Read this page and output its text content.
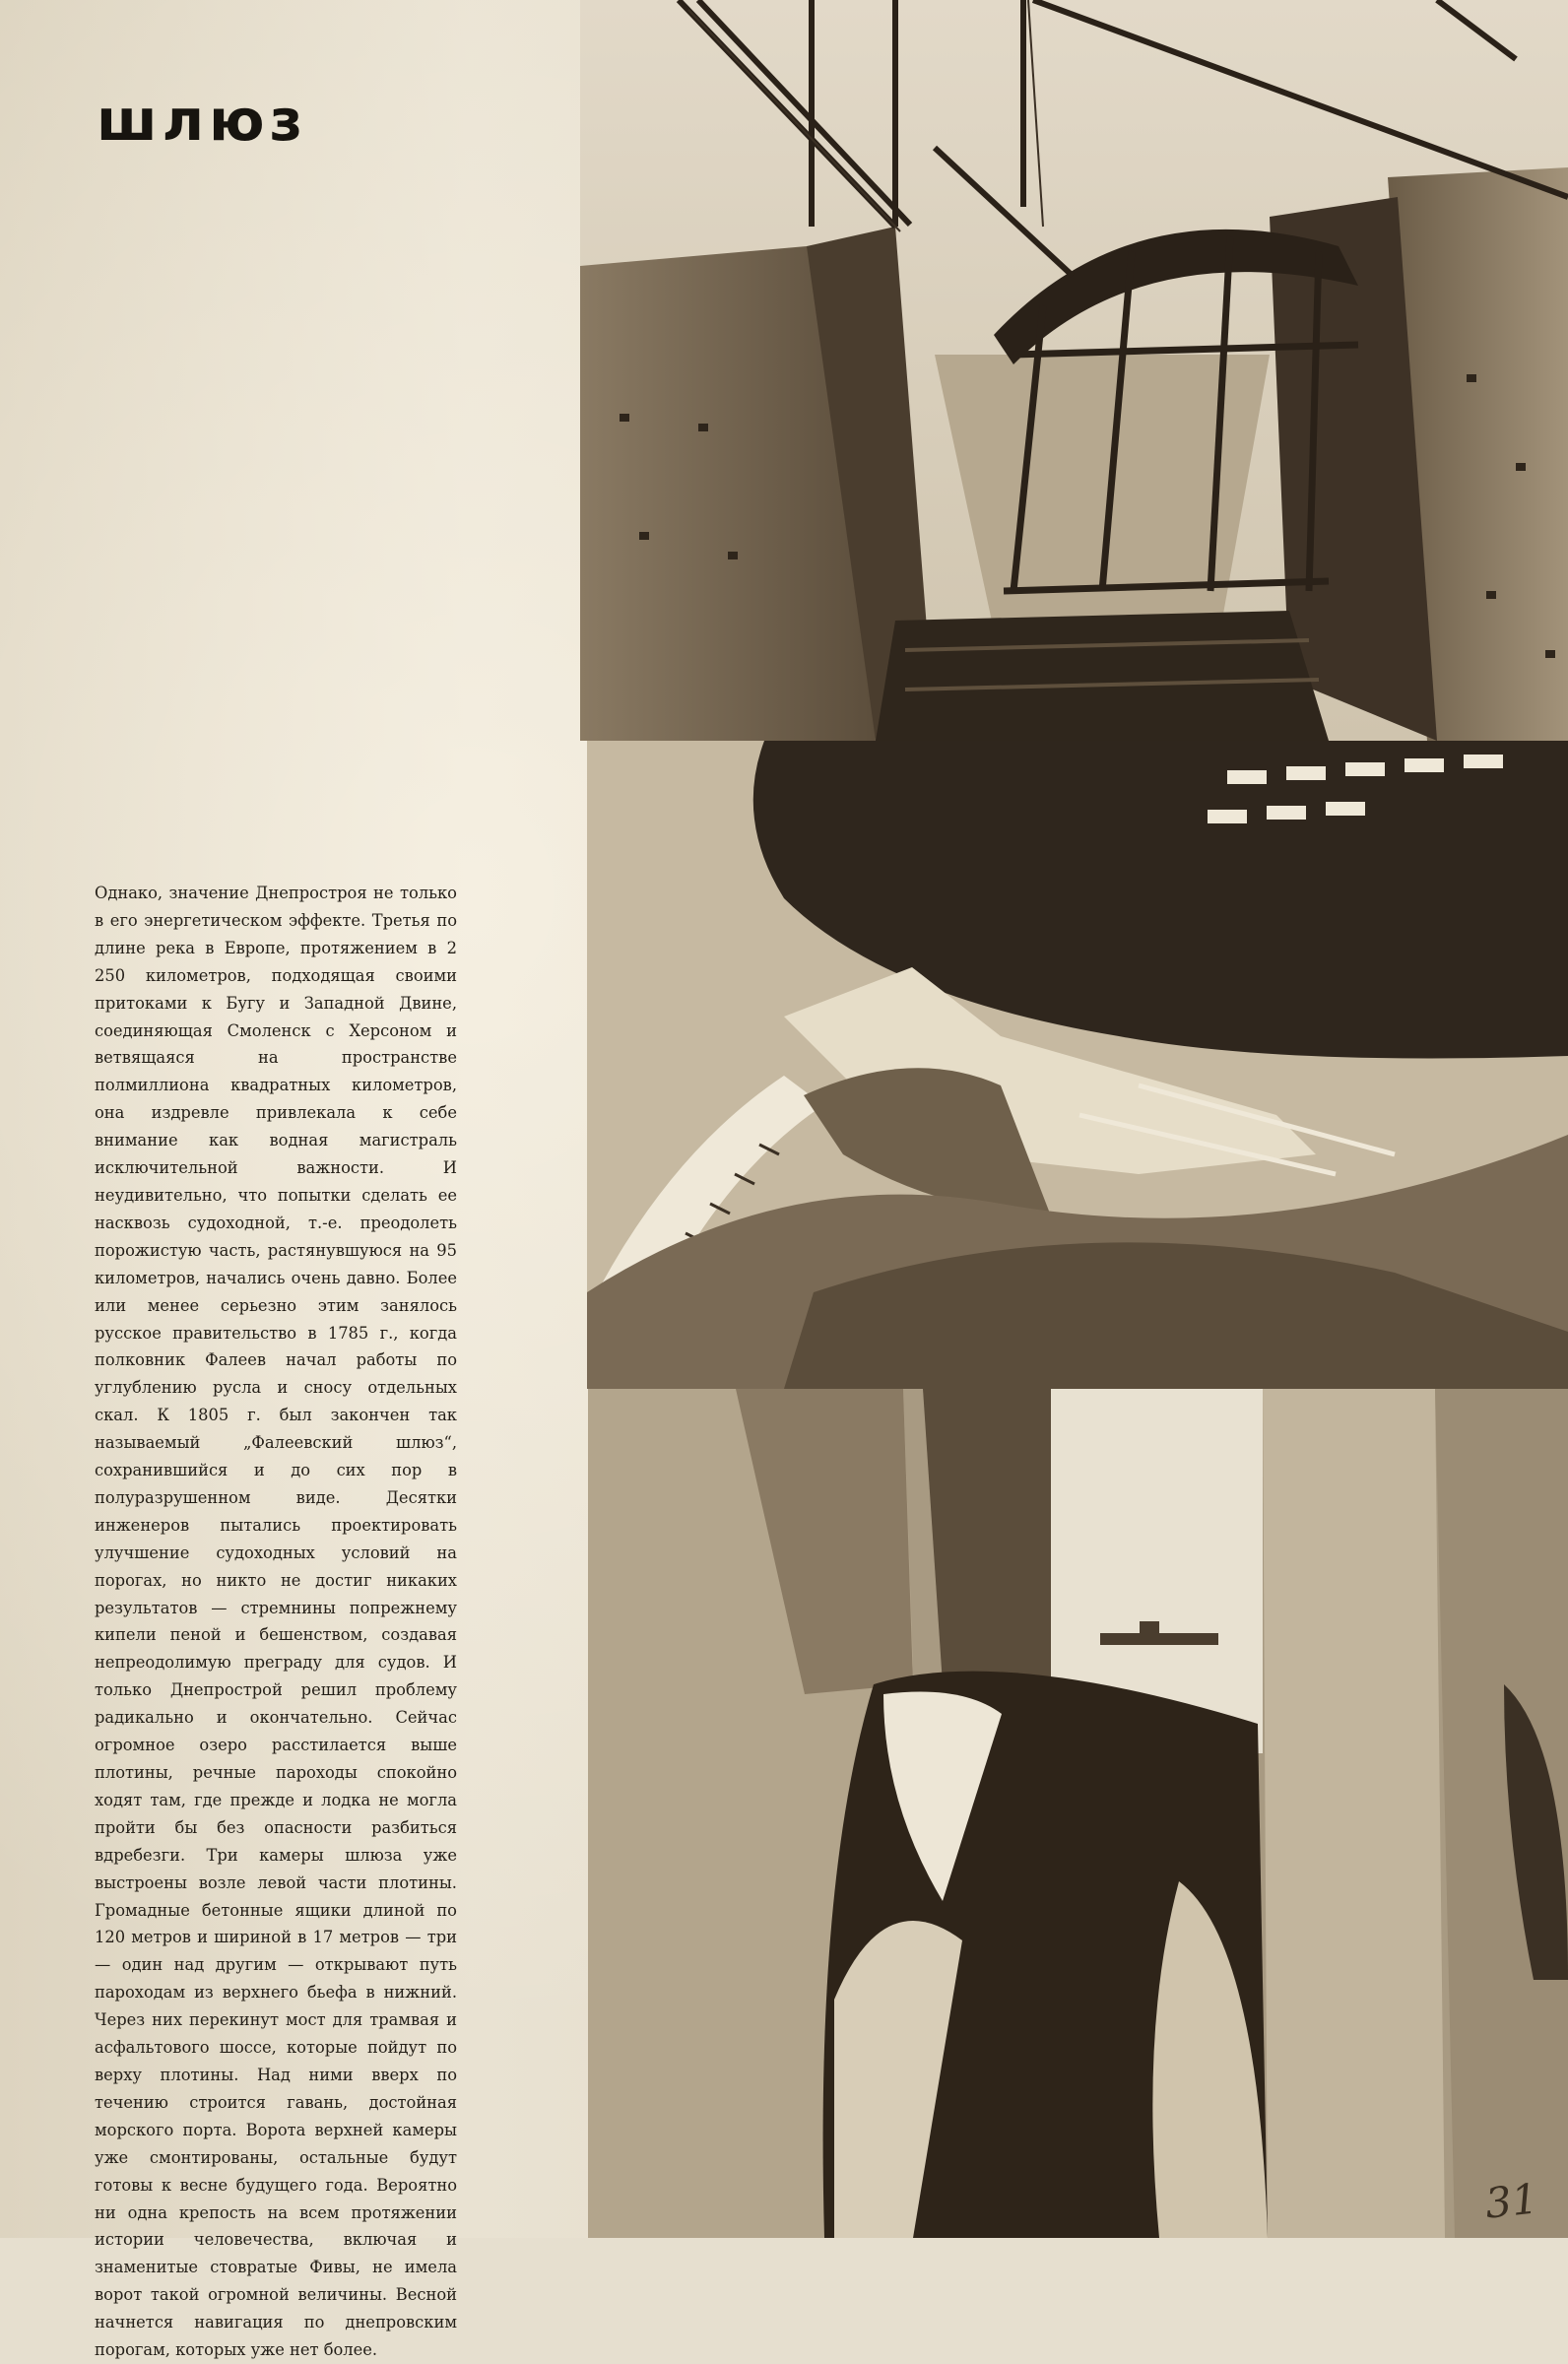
шлюз

Однако, значение Днепростроя не только в его энергетическом эффекте. Третья по длине река в Европе, протяжением в 2 250 километров, подходящая своими притоками к Бугу и Западной Двине, соединяющая Смоленск с Херсоном и ветвящаяся на пространстве полмиллиона квадратных километров, она издревле привлекала к себе внимание как водная магистраль исключительной важности. И неудивительно, что попытки сделать ее насквозь судоходной, т.-е. преодолеть порожистую часть, растянувшуюся на 95 километров, начались очень давно. Более или менее серьезно этим занялось русское правительство в 1785 г., когда полковник Фалеев начал работы по углублению русла и сносу отдельных скал. К 1805 г. был закончен так называемый „Фалеевский шлюз“, сохранившийся и до сих пор в полуразрушенном виде. Десятки инженеров пытались проектировать улучшение судоходных условий на порогах, но никто не достиг никаких результатов — стремнины попрежнему кипели пеной и бешенством, создавая непреодолимую преграду для судов. И только Днепрострой решил проблему радикально и окончательно. Сейчас огромное озеро расстилается выше плотины, речные пароходы спокойно ходят там, где прежде и лодка не могла пройти бы без опасности разбиться вдребезги. Три камеры шлюза уже выстроены возле левой части плотины. Громадные бетонные ящики длиной по 120 метров и шириной в 17 метров — три — один над другим — открывают путь пароходам из верхнего бьефа в нижний. Через них перекинут мост для трамвая и асфальтового шоссе, которые пойдут по верху плотины. Над ними вверх по течению строится гавань, достойная морского порта. Ворота верхней камеры уже смонтированы, остальные будут готовы к весне будущего года. Вероятно ни одна крепость на всем протяжении истории человечества, включая и знаменитые стовратые Фивы, не имела ворот такой огромной величины. Весной начнется навигация по днепровским порогам, которых уже нет более.

31
